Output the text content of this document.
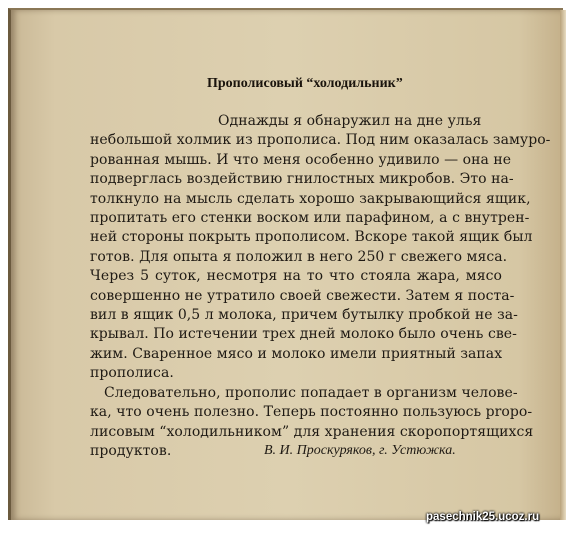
Прополисовый “холодильник”
Однажды я обнаружил на дне улья
небольшой холмик из прополиса. Под ним оказалась замуро-
рованная мышь. И что меня особенно удивило — она не
подверглась воздействию гнилостных микробов. Это на-
толкнуло на мысль сделать хорошо закрывающийся ящик,
пропитать его стенки воском или парафином, а с внутрен-
ней стороны покрыть прополисом. Вскоре такой ящик был
готов. Для опыта я положил в него 250 г свежего мяса.
Через 5 суток, несмотря на то что стояла жара, мясо
совершенно не утратило своей свежести. Затем я поста-
вил в ящик 0,5 л молока, причем бутылку пробкой не за-
крывал. По истечении трех дней молоко было очень све-
жим. Сваренное мясо и молоко имели приятный запах
прополиса.
Следовательно, прополис попадает в организм челове-
ка, что очень полезно. Теперь постоянно пользуюсь propo-
лисовым “холодильником” для хранения скоропортящихся
продуктов.	В. И. Проскуряков, г. Устюжка.
pasechnik25.ucoz.ru
